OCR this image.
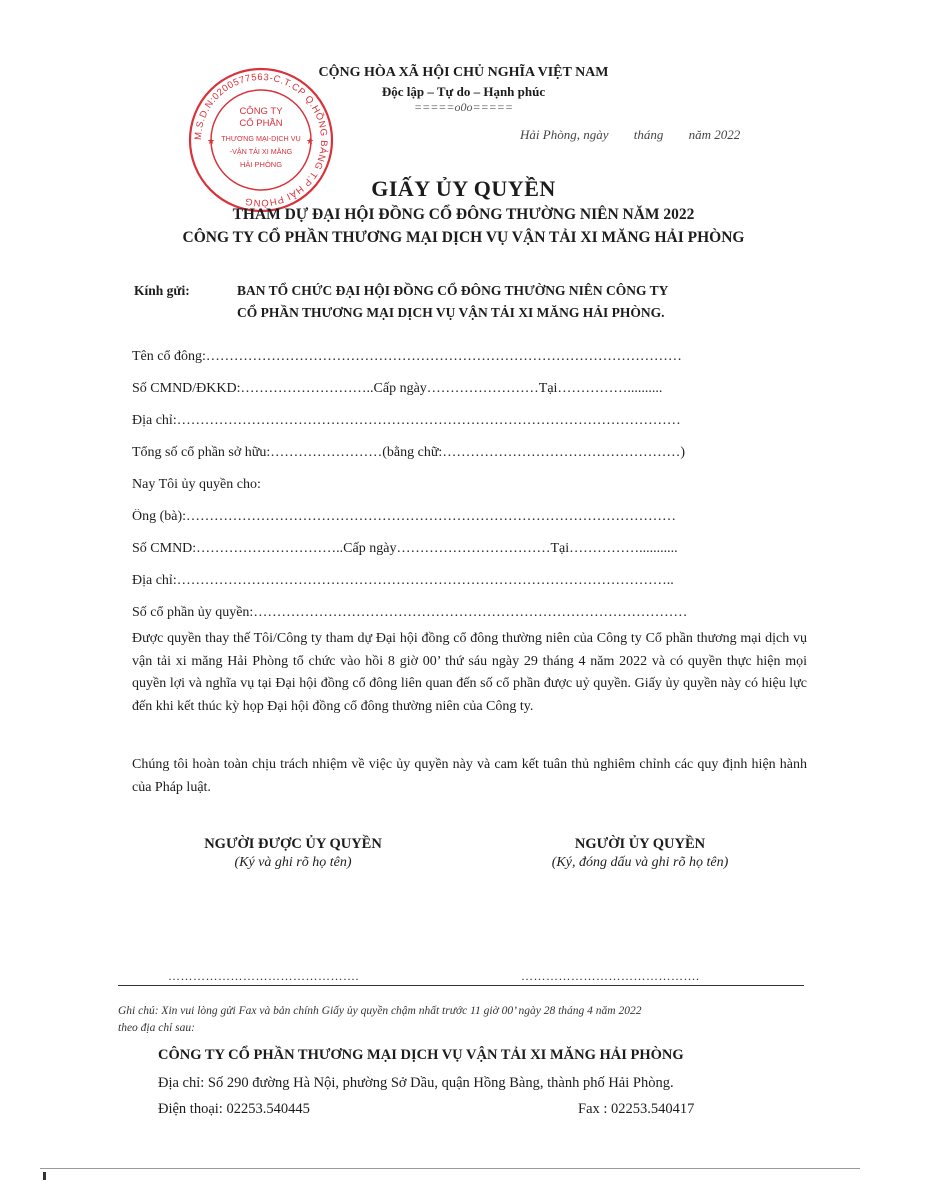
M.S.D.N:0200577563-C.T.CP Q.HỒNG BÀNG T.P HẢI PHÒNG
CÔNG TY
CỔ PHẦN
THƯƠNG MẠI-DỊCH VỤ
-VẬN TẢI XI MĂNG
HẢI PHÒNG
★	★
CỘNG HÒA XÃ HỘI CHỦ NGHĨA VIỆT NAM
Độc lập – Tự do – Hạnh phúc
=====o0o=====
Hải Phòng, ngày tháng năm 2022
GIẤY ỦY QUYỀN
THAM DỰ ĐẠI HỘI ĐỒNG CỔ ĐÔNG THƯỜNG NIÊN NĂM 2022
CÔNG TY CỔ PHẦN THƯƠNG MẠI DỊCH VỤ VẬN TẢI XI MĂNG HẢI PHÒNG
Kính gửi:	BAN TỔ CHỨC ĐẠI HỘI ĐỒNG CỔ ĐÔNG THƯỜNG NIÊN CÔNG TY
CỔ PHẦN THƯƠNG MẠI DỊCH VỤ VẬN TẢI XI MĂNG HẢI PHÒNG.
Tên cổ đông:…………………………………………………………………………………………
Số CMND/ĐKKD:………………………..Cấp ngày……………………Tại……………..........
Địa chỉ:………………………………………………………………………………………………
Tổng số cổ phần sở hữu:……………………(bằng chữ:……………………………………………)
Nay Tôi ủy quyền cho:
Ông (bà):……………………………………………………………………………………………
Số CMND:…………………………..Cấp ngày……………………………Tại……………...........
Địa chỉ:……………………………………………………………………………………………..
Số cổ phần ủy quyền:…………………………………………………………………………………
Được quyền thay thế Tôi/Công ty tham dự Đại hội đồng cổ đông thường niên của Công ty Cổ phần thương mại dịch vụ vận tải xi măng Hải Phòng tổ chức vào hồi 8 giờ 00’ thứ sáu ngày 29 tháng 4 năm 2022 và có quyền thực hiện mọi quyền lợi và nghĩa vụ tại Đại hội đồng cổ đông liên quan đến số cổ phần được uỷ quyền. Giấy ủy quyền này có hiệu lực đến khi kết thúc kỳ họp Đại hội đồng cổ đông thường niên của Công ty.
Chúng tôi hoàn toàn chịu trách nhiệm về việc ủy quyền này và cam kết tuân thủ nghiêm chỉnh các quy định hiện hành của Pháp luật.
NGƯỜI ĐƯỢC ỦY QUYỀN
(Ký và ghi rõ họ tên)
NGƯỜI ỦY QUYỀN
(Ký, đóng dấu và ghi rõ họ tên)
……………………………………….	…………………………………….
Ghi chú: Xin vui lòng gửi Fax và bản chính Giấy ủy quyền chậm nhất trước 11 giờ 00’ ngày 28 tháng 4 năm 2022
theo địa chỉ sau:
CÔNG TY CỔ PHẦN THƯƠNG MẠI DỊCH VỤ VẬN TẢI XI MĂNG HẢI PHÒNG
Địa chỉ: Số 290 đường Hà Nội, phường Sở Dầu, quận Hồng Bàng, thành phố Hải Phòng.
Điện thoại: 02253.540445	Fax : 02253.540417
